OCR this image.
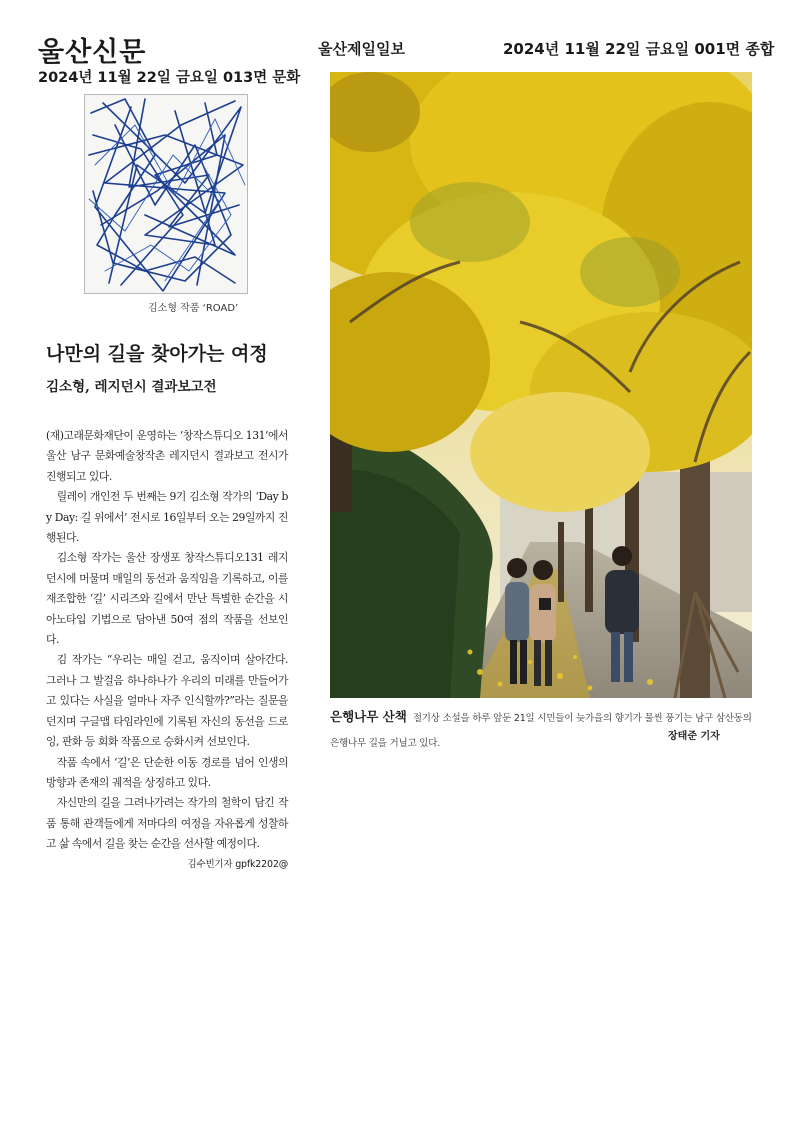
울산신문
2024년 11월 22일 금요일 013면 문화
울산제일일보	2024년 11월 22일 금요일 001면 종합
김소형 작품 ‘ROAD’
나만의 길을 찾아가는 여정
김소형, 레지던시 결과보고전

(재)고래문화재단이 운영하는 ‘창작스튜디오 131’에서 울산 남구 문화예술창작촌 레지던시 결과보고 전시가 진행되고 있다.

릴레이 개인전 두 번째는 9기 김소형 작가의 ‘Day by Day: 길 위에서’ 전시로 16일부터 오는 29일까지 진행된다.

김소형 작가는 울산 장생포 창작스튜디오131 레지던시에 머물며 매일의 동선과 움직임을 기록하고, 이를 재조합한 ‘길’ 시리즈와 길에서 만난 특별한 순간을 시아노타입 기법으로 담아낸 50여 점의 작품을 선보인다.

김 작가는 “우리는 매일 걷고, 움직이며 살아간다. 그러나 그 발걸음 하나하나가 우리의 미래를 만들어가고 있다는 사실을 얼마나 자주 인식할까?”라는 질문을 던지며 구글맵 타임라인에 기록된 자신의 동선을 드로잉, 판화 등 회화 작품으로 승화시켜 선보인다.

작품 속에서 ‘길’은 단순한 이동 경로를 넘어 인생의 방향과 존재의 궤적을 상징하고 있다.

자신만의 길을 그려나가려는 작가의 철학이 담긴 작품 통해 관객들에게 저마다의 여정을 자유롭게 성찰하고 삶 속에서 길을 찾는 순간을 선사할 예정이다.
김수빈기자 gpfk2202@

은행나무 산책 절기상 소설을 하루 앞둔 21일 시민들이 늦가을의 향기가 물씬 풍기는 남구 삼산동의 은행나무 길을 거닐고 있다.
장태준 기자
